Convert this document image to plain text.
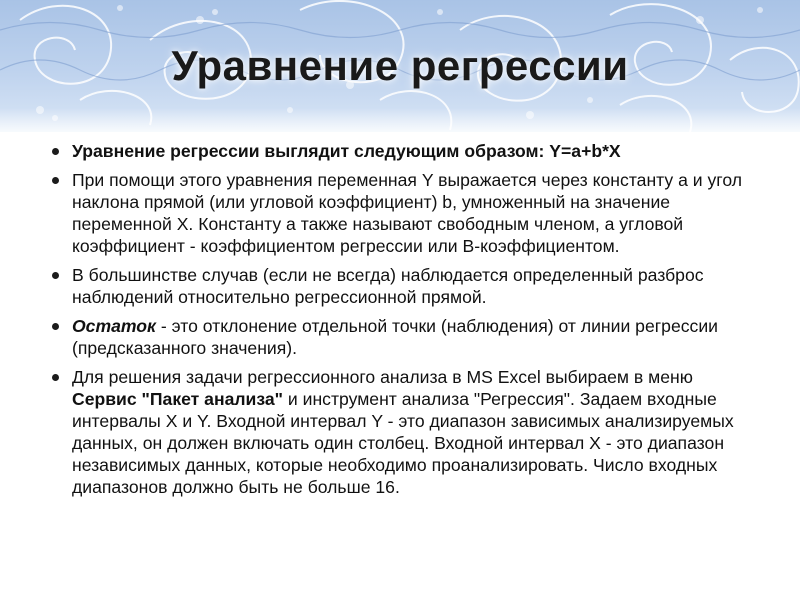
Уравнение регрессии
Уравнение регрессии выглядит следующим образом: Y=a+b*X
При помощи этого уравнения переменная Y выражается через константу a и угол наклона прямой (или угловой коэффициент) b, умноженный на значение переменной X. Константу a также называют свободным членом, а угловой коэффициент - коэффициентом регрессии или B-коэффициентом.
В большинстве случав (если не всегда) наблюдается определенный разброс наблюдений относительно регрессионной прямой.
Остаток - это отклонение отдельной точки (наблюдения) от линии регрессии (предсказанного значения).
Для решения задачи регрессионного анализа в MS Excel выбираем в меню Сервис "Пакет анализа" и инструмент анализа "Регрессия". Задаем входные интервалы X и Y. Входной интервал Y - это диапазон зависимых анализируемых данных, он должен включать один столбец. Входной интервал X - это диапазон независимых данных, которые необходимо проанализировать. Число входных диапазонов должно быть не больше 16.
